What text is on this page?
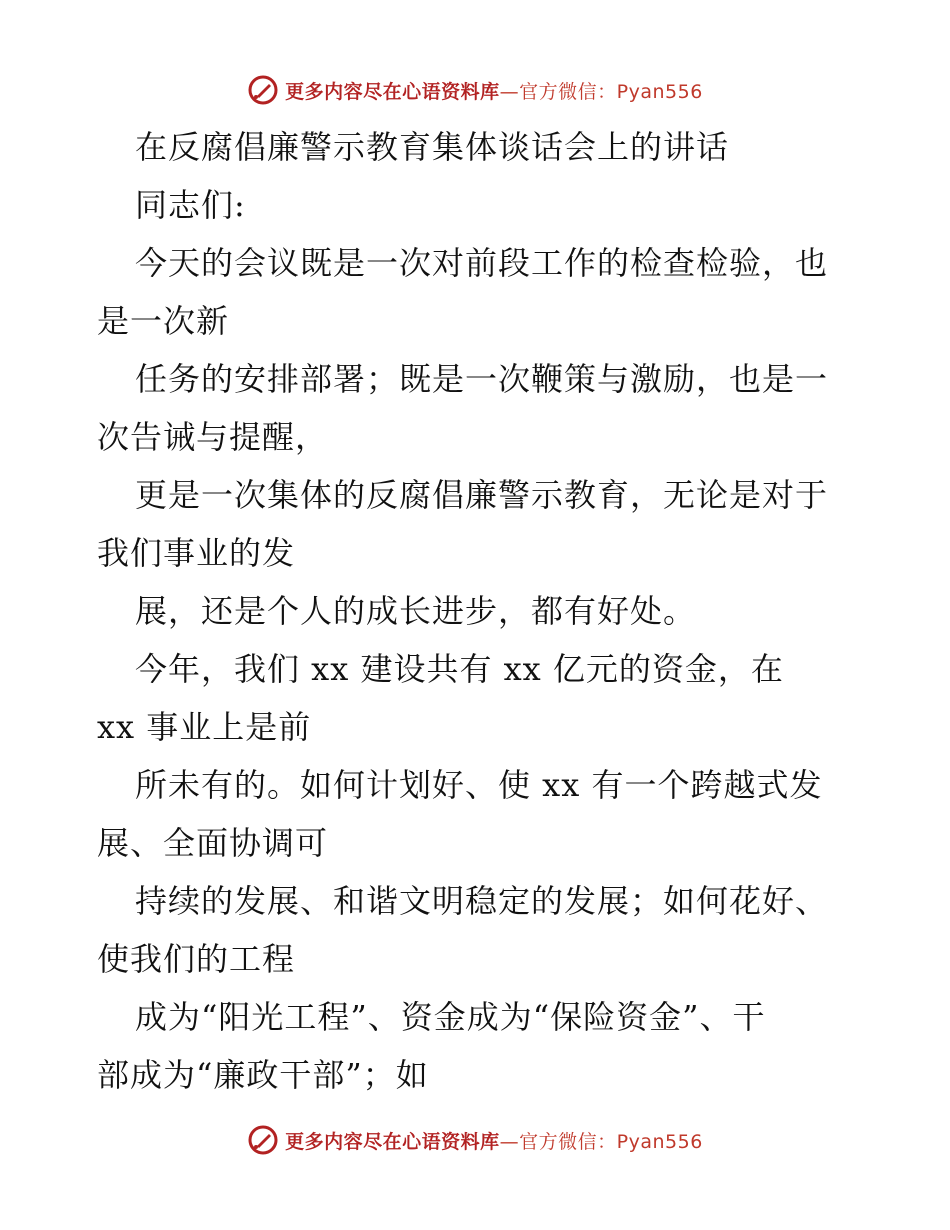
更多内容尽在心语资料库—官方微信：Pyan556
在反腐倡廉警示教育集体谈话会上的讲话
同志们:
今天的会议既是一次对前段工作的检查检验，也
是一次新
任务的安排部署；既是一次鞭策与激励，也是一
次告诫与提醒，
更是一次集体的反腐倡廉警示教育，无论是对于
我们事业的发
展，还是个人的成长进步，都有好处。
今年，我们 xx 建设共有 xx 亿元的资金，在
xx 事业上是前
所未有的。如何计划好、使 xx 有一个跨越式发
展、全面协调可
持续的发展、和谐文明稳定的发展；如何花好、
使我们的工程
成为“阳光工程”、资金成为“保险资金”、干
部成为“廉政干部”；如
更多内容尽在心语资料库—官方微信：Pyan556
